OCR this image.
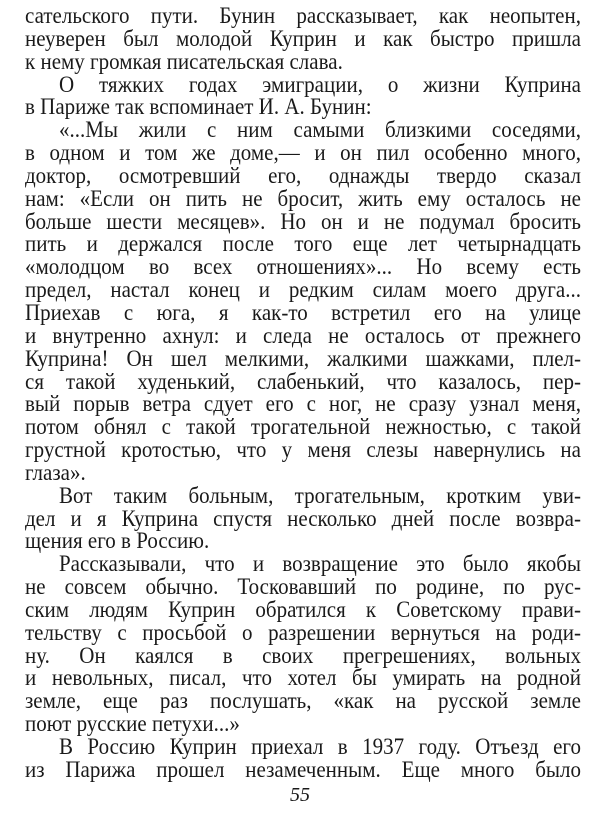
сательского пути. Бунин рассказывает, как неопытен,
неуверен был молодой Куприн и как быстро пришла
к нему громкая писательская слава.
О тяжких годах эмиграции, о жизни Куприна
в Париже так вспоминает И. А. Бунин:
«...Мы жили с ним самыми близкими соседями,
в одном и том же доме,— и он пил особенно много,
доктор, осмотревший его, однажды твердо сказал
нам: «Если он пить не бросит, жить ему осталось не
больше шести месяцев». Но он и не подумал бросить
пить и держался после того еще лет четырнадцать
«молодцом во всех отношениях»... Но всему есть
предел, настал конец и редким силам моего друга...
Приехав с юга, я как-то встретил его на улице
и внутренно ахнул: и следа не осталось от прежнего
Куприна! Он шел мелкими, жалкими шажками, плел-
ся такой худенький, слабенький, что казалось, пер-
вый порыв ветра сдует его с ног, не сразу узнал меня,
потом обнял с такой трогательной нежностью, с такой
грустной кротостью, что у меня слезы навернулись на
глаза».
Вот таким больным, трогательным, кротким уви-
дел и я Куприна спустя несколько дней после возвра-
щения его в Россию.
Рассказывали, что и возвращение это было якобы
не совсем обычно. Тосковавший по родине, по рус-
ским людям Куприн обратился к Советскому прави-
тельству с просьбой о разрешении вернуться на роди-
ну. Он каялся в своих прегрешениях, вольных
и невольных, писал, что хотел бы умирать на родной
земле, еще раз послушать, «как на русской земле
поют русские петухи...»
В Россию Куприн приехал в 1937 году. Отъезд его
из Парижа прошел незамеченным. Еще много было
55
